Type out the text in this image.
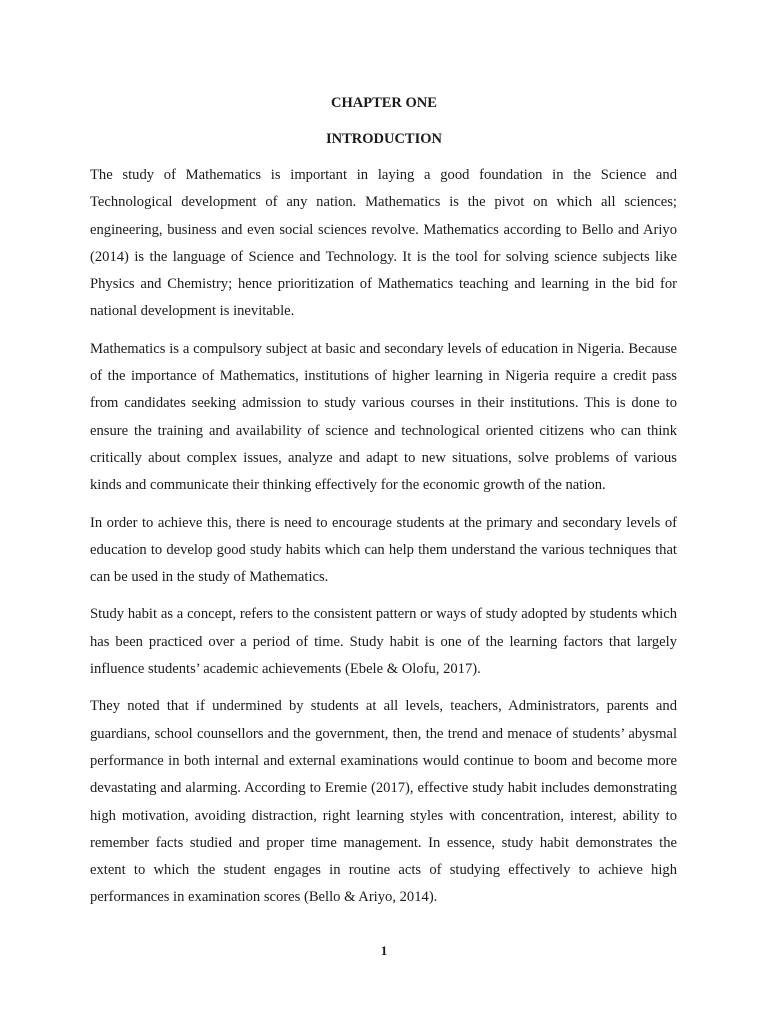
CHAPTER ONE
INTRODUCTION

The study of Mathematics is important in laying a good foundation in the Science and Technological development of any nation. Mathematics is the pivot on which all sciences; engineering, business and even social sciences revolve. Mathematics according to Bello and Ariyo (2014) is the language of Science and Technology. It is the tool for solving science subjects like Physics and Chemistry; hence prioritization of Mathematics teaching and learning in the bid for national development is inevitable.

Mathematics is a compulsory subject at basic and secondary levels of education in Nigeria. Because of the importance of Mathematics, institutions of higher learning in Nigeria require a credit pass from candidates seeking admission to study various courses in their institutions. This is done to ensure the training and availability of science and technological oriented citizens who can think critically about complex issues, analyze and adapt to new situations, solve problems of various kinds and communicate their thinking effectively for the economic growth of the nation.

In order to achieve this, there is need to encourage students at the primary and secondary levels of education to develop good study habits which can help them understand the various techniques that can be used in the study of Mathematics.

Study habit as a concept, refers to the consistent pattern or ways of study adopted by students which has been practiced over a period of time. Study habit is one of the learning factors that largely influence students’ academic achievements (Ebele & Olofu, 2017).

They noted that if undermined by students at all levels, teachers, Administrators, parents and guardians, school counsellors and the government, then, the trend and menace of students’ abysmal performance in both internal and external examinations would continue to boom and become more devastating and alarming. According to Eremie (2017), effective study habit includes demonstrating high motivation, avoiding distraction, right learning styles with concentration, interest, ability to remember facts studied and proper time management. In essence, study habit demonstrates the extent to which the student engages in routine acts of studying effectively to achieve high performances in examination scores (Bello & Ariyo, 2014).

1
